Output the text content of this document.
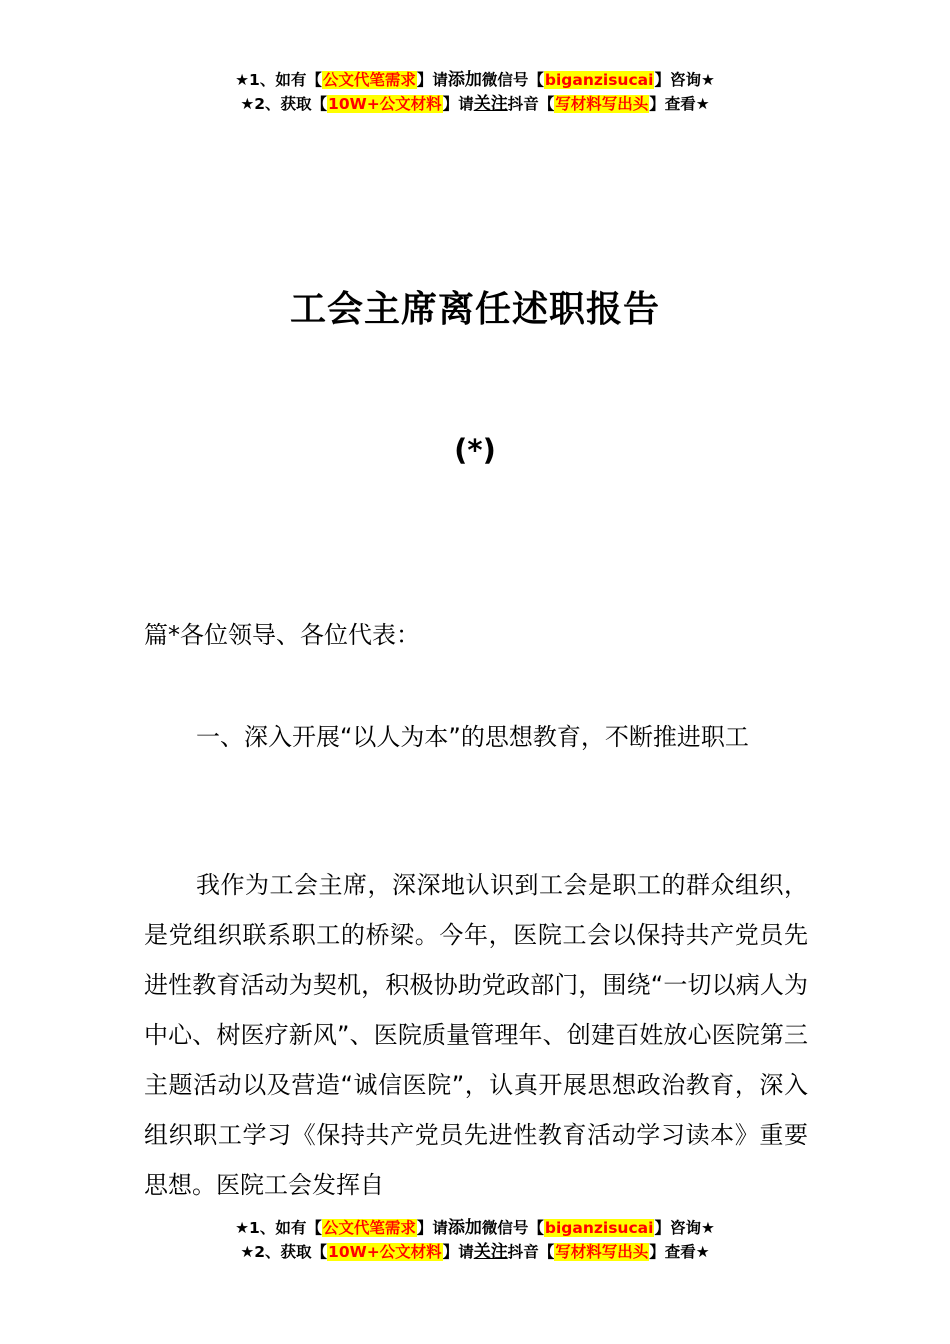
★1、如有【公文代笔需求】请添加微信号【biganzisucai】咨询★
★2、获取【10W+公文材料】请关注抖音【写材料写出头】查看★
工会主席离任述职报告
(*)
篇*各位领导、各位代表：
一、深入开展“以人为本”的思想教育，不断推进职工
我作为工会主席，深深地认识到工会是职工的群众组织，是党组织联系职工的桥梁。今年，医院工会以保持共产党员先进性教育活动为契机，积极协助党政部门，围绕“一切以病人为中心、树医疗新风”、医院质量管理年、创建百姓放心医院第三主题活动以及营造“诚信医院”，认真开展思想政治教育，深入组织职工学习《保持共产党员先进性教育活动学习读本》重要思想。医院工会发挥自
★1、如有【公文代笔需求】请添加微信号【biganzisucai】咨询★
★2、获取【10W+公文材料】请关注抖音【写材料写出头】查看★
